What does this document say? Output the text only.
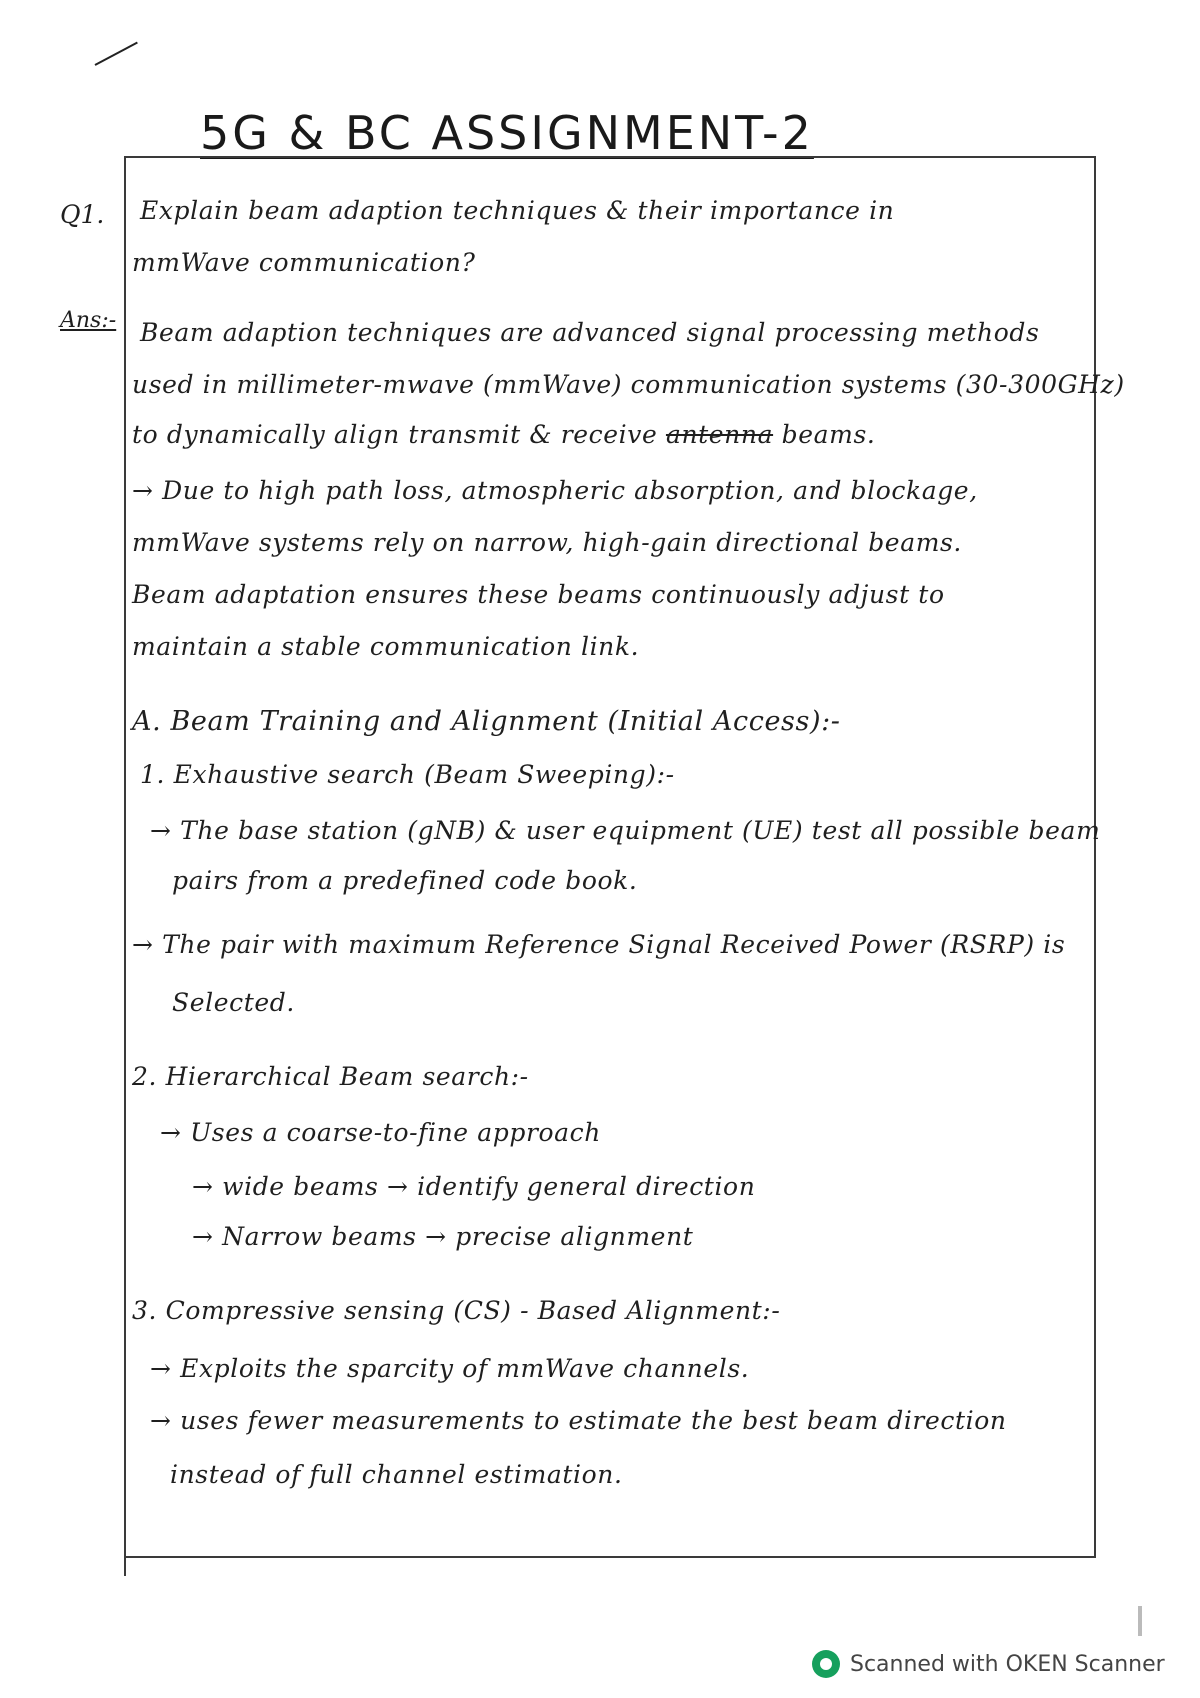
5G & BC ASSIGNMENT-2
Q1. Explain beam adaption techniques & their importance in
mmWave communication?
Ans:- Beam adaption techniques are advanced signal processing methods
used in millimeter-mwave (mmWave) communication systems (30-300GHz)
to dynamically align transmit & receive antenna beams.
→ Due to high path loss, atmospheric absorption, and blockage,
mmWave systems rely on narrow, high-gain directional beams.
Beam adaptation ensures these beams continuously adjust to
maintain a stable communication link.
A. Beam Training and Alignment (Initial Access):-
1. Exhaustive search (Beam Sweeping):-
→ The base station (gNB) & user equipment (UE) test all possible beam
pairs from a predefined code book.
→ The pair with maximum Reference Signal Received Power (RSRP) is
Selected.
2. Hierarchical Beam search:-
→ Uses a coarse-to-fine approach
→ wide beams → identify general direction
→ Narrow beams → precise alignment
3. Compressive sensing (CS) - Based Alignment:-
→ Exploits the sparcity of mmWave channels.
→ uses fewer measurements to estimate the best beam direction
instead of full channel estimation.
Scanned with OKEN Scanner
